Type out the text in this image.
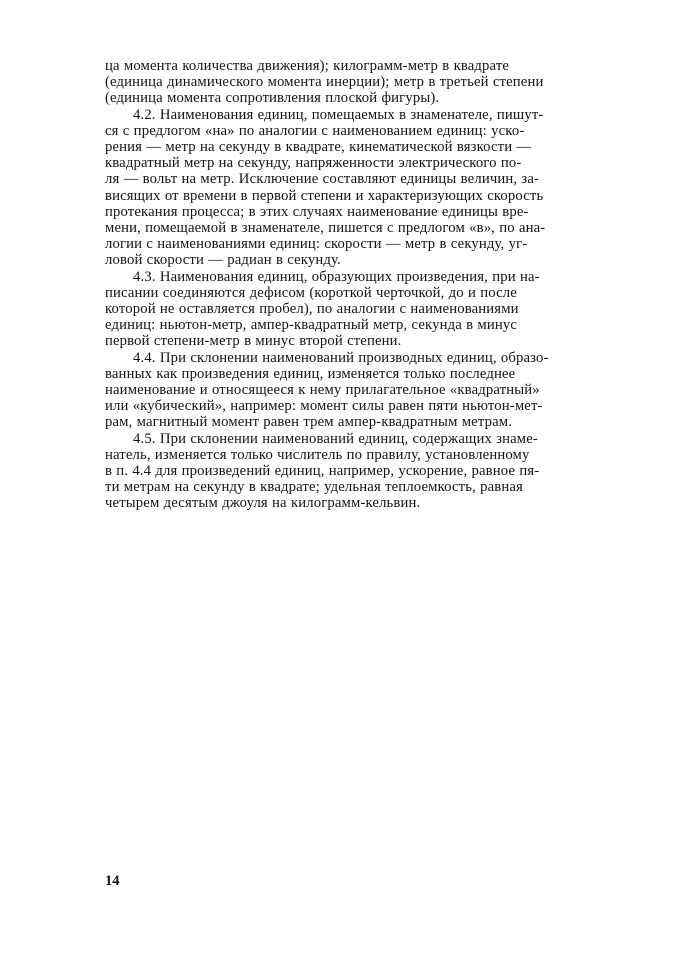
ца момента количества движения); килограмм-метр в квадрате
(единица динамического момента инерции); метр в третьей степени
(единица момента сопротивления плоской фигуры).

4.2. Наименования единиц, помещаемых в знаменателе, пишут-
ся с предлогом «на» по аналогии с наименованием единиц: уско-
рения — метр на секунду в квадрате, кинематической вязкости —
квадратный метр на секунду, напряженности электрического по-
ля — вольт на метр. Исключение составляют единицы величин, за-
висящих от времени в первой степени и характеризующих скорость
протекания процесса; в этих случаях наименование единицы вре-
мени, помещаемой в знаменателе, пишется с предлогом «в», по ана-
логии с наименованиями единиц: скорости — метр в секунду, уг-
ловой скорости — радиан в секунду.

4.3. Наименования единиц, образующих произведения, при на-
писании соединяются дефисом (короткой черточкой, до и после
которой не оставляется пробел), по аналогии с наименованиями
единиц: ньютон-метр, ампер-квадратный метр, секунда в минус
первой степени-метр в минус второй степени.

4.4. При склонении наименований производных единиц, образо-
ванных как произведения единиц, изменяется только последнее
наименование и относящееся к нему прилагательное «квадратный»
или «кубический», например: момент силы равен пяти ньютон-мет-
рам, магнитный момент равен трем ампер-квадратным метрам.

4.5. При склонении наименований единиц, содержащих знаме-
натель, изменяется только числитель по правилу, установленному
в п. 4.4 для произведений единиц, например, ускорение, равное пя-
ти метрам на секунду в квадрате; удельная теплоемкость, равная
четырем десятым джоуля на килограмм-кельвин.

14
